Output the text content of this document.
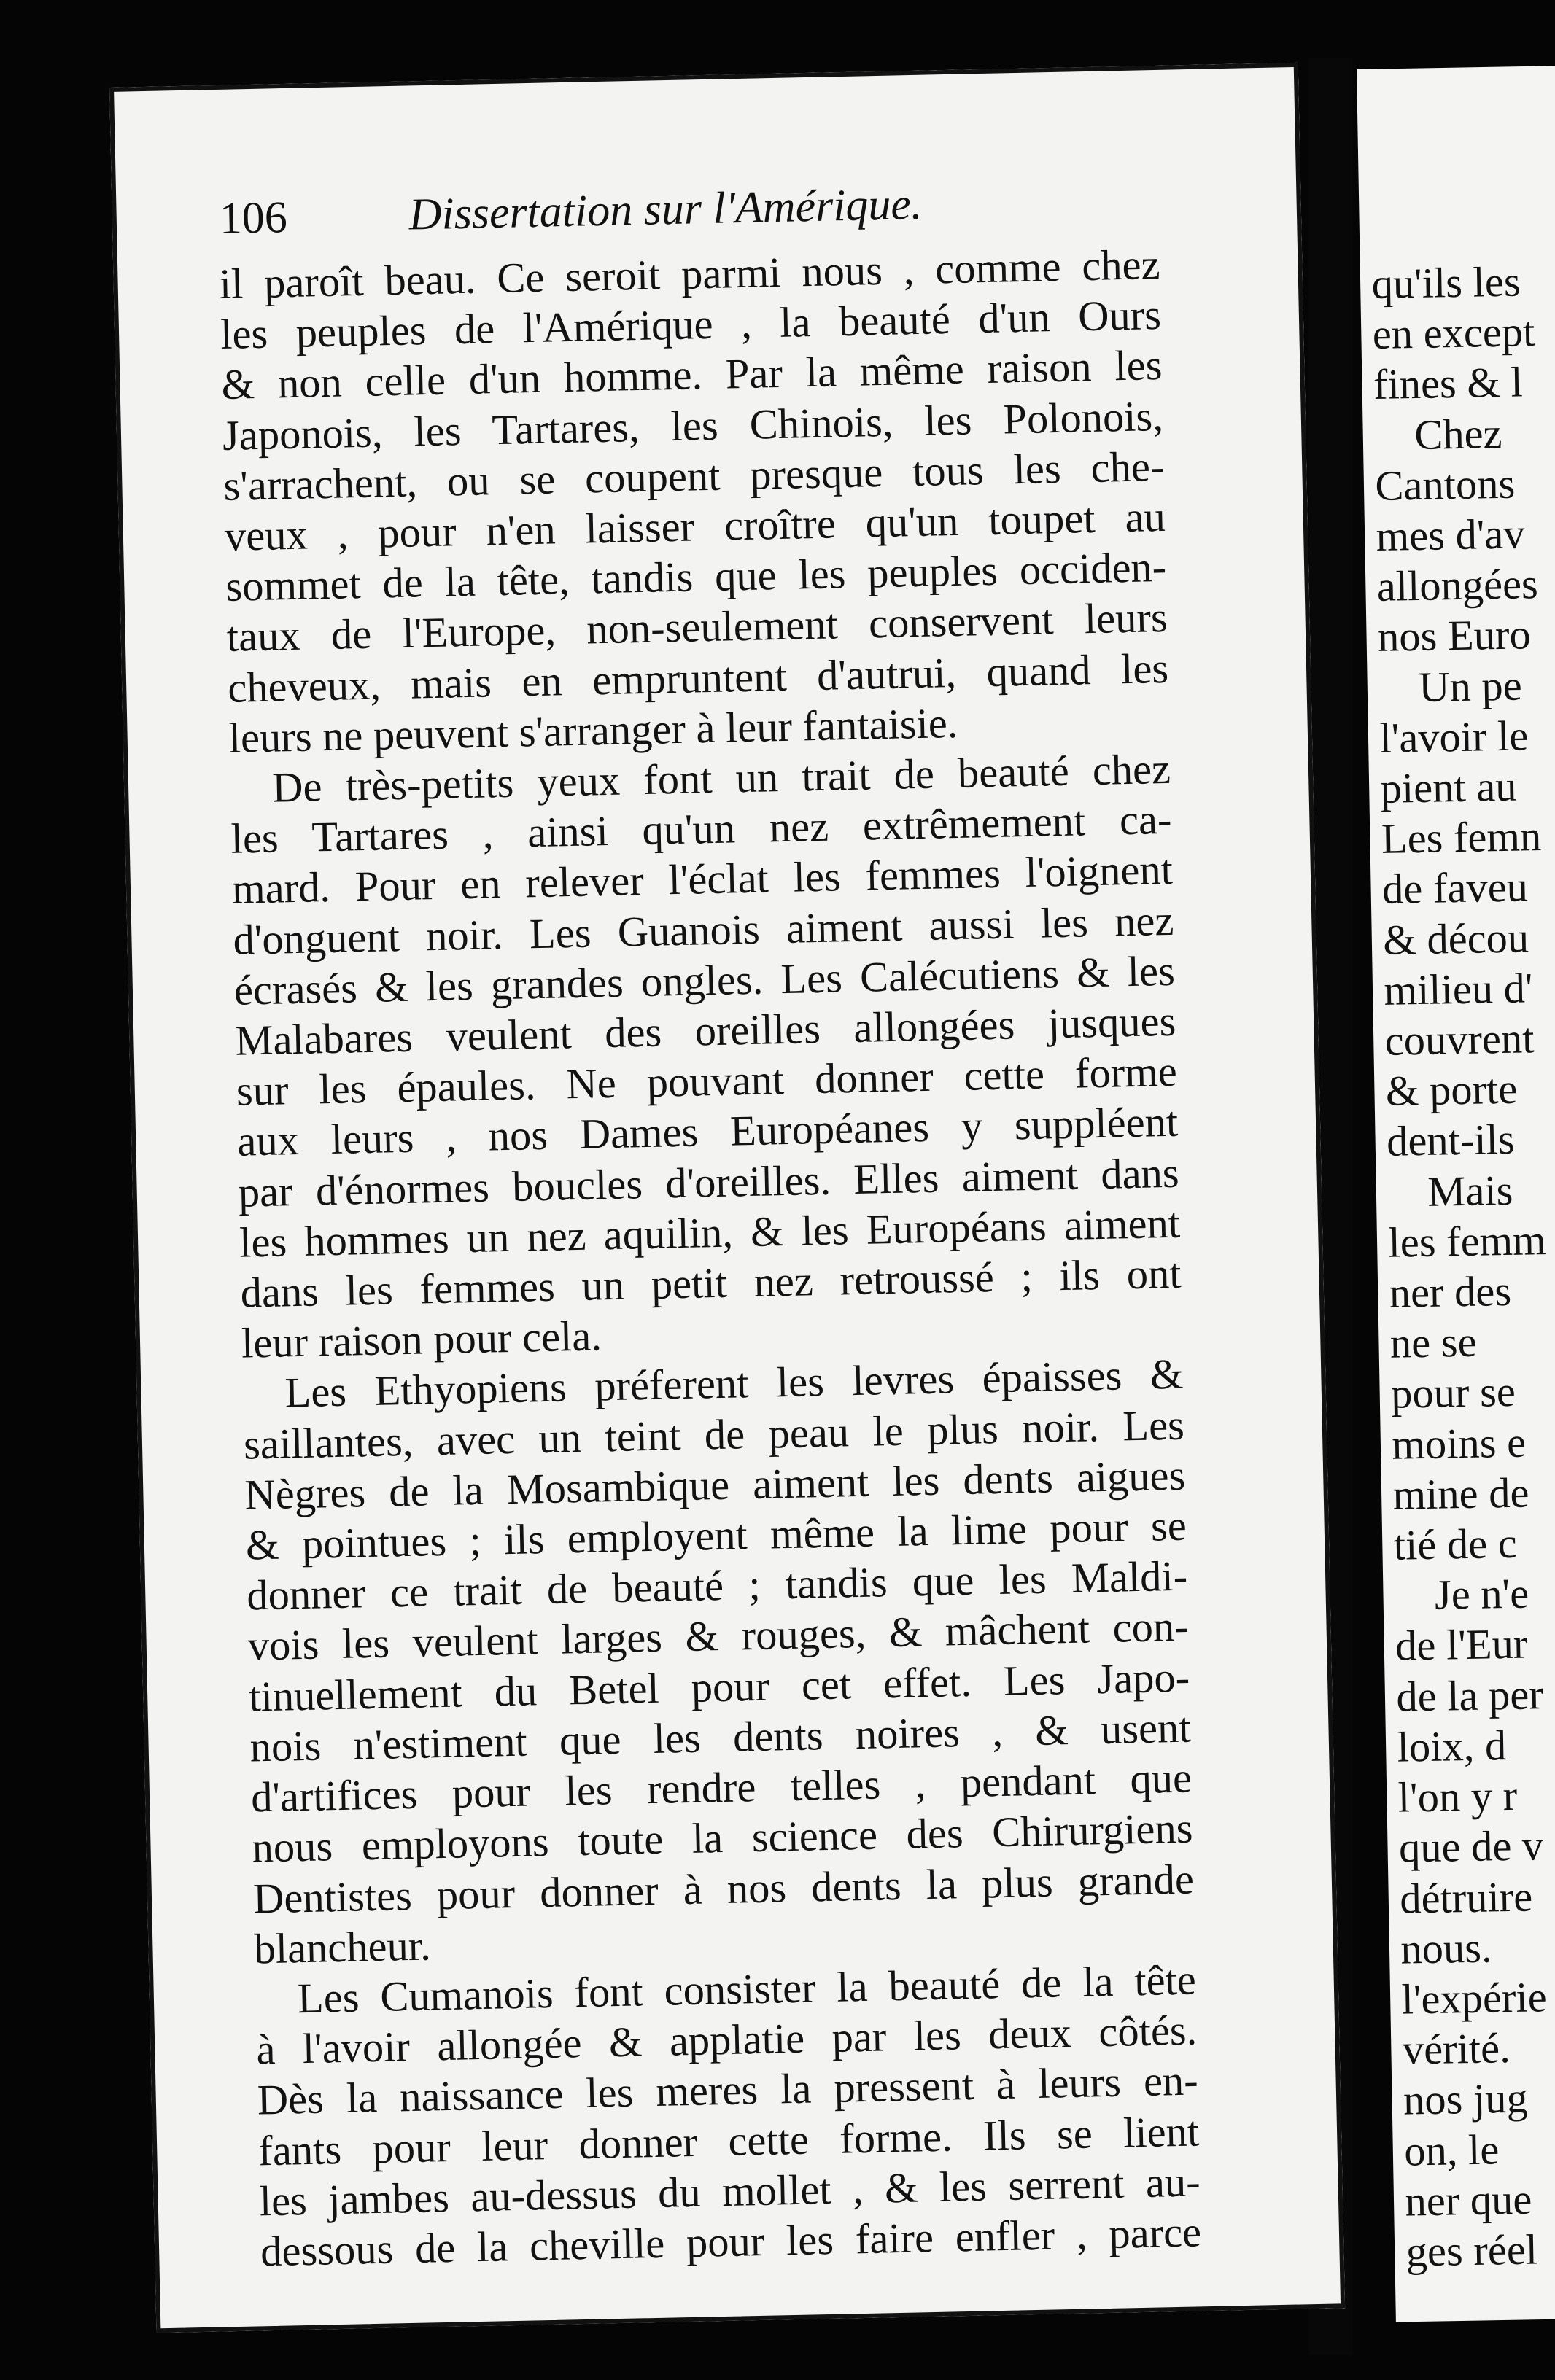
106	Dissertation sur l'Amérique.
il paroît beau. Ce seroit parmi nous , comme chez
les peuples de l'Amérique , la beauté d'un Ours
& non celle d'un homme. Par la même raison les
Japonois, les Tartares, les Chinois, les Polonois,
s'arrachent, ou se coupent presque tous les che-
veux , pour n'en laisser croître qu'un toupet au
sommet de la tête, tandis que les peuples occiden-
taux de l'Europe, non-seulement conservent leurs
cheveux, mais en empruntent d'autrui, quand les
leurs ne peuvent s'arranger à leur fantaisie.
De très-petits yeux font un trait de beauté chez
les Tartares , ainsi qu'un nez extrêmement ca-
mard. Pour en relever l'éclat les femmes l'oignent
d'onguent noir. Les Guanois aiment aussi les nez
écrasés & les grandes ongles. Les Calécutiens & les
Malabares veulent des oreilles allongées jusques
sur les épaules. Ne pouvant donner cette forme
aux leurs , nos Dames Européanes y suppléent
par d'énormes boucles d'oreilles. Elles aiment dans
les hommes un nez aquilin, & les Européans aiment
dans les femmes un petit nez retroussé ; ils ont
leur raison pour cela.
Les Ethyopiens préferent les levres épaisses &
saillantes, avec un teint de peau le plus noir. Les
Nègres de la Mosambique aiment les dents aigues
& pointues ; ils employent même la lime pour se
donner ce trait de beauté ; tandis que les Maldi-
vois les veulent larges & rouges, & mâchent con-
tinuellement du Betel pour cet effet. Les Japo-
nois n'estiment que les dents noires , & usent
d'artifices pour les rendre telles , pendant que
nous employons toute la science des Chirurgiens
Dentistes pour donner à nos dents la plus grande
blancheur.
Les Cumanois font consister la beauté de la tête
à l'avoir allongée & applatie par les deux côtés.
Dès la naissance les meres la pressent à leurs en-
fants pour leur donner cette forme. Ils se lient
les jambes au-dessus du mollet , & les serrent au-
dessous de la cheville pour les faire enfler , parce
qu'ils les
en except
fines & l
Chez
Cantons
mes d'av
allongées
nos Euro
Un pe
l'avoir le
pient au
Les femn
de faveu
& décou
milieu d'
couvrent
& porte
dent-ils
Mais
les femm
ner des
ne se
pour se
moins e
mine de
tié de c
Je n'e
de l'Eur
de la per
loix, d
l'on y r
que de v
détruire
nous.
l'expérie
vérité.
nos jug
on, le
ner que
ges réel
